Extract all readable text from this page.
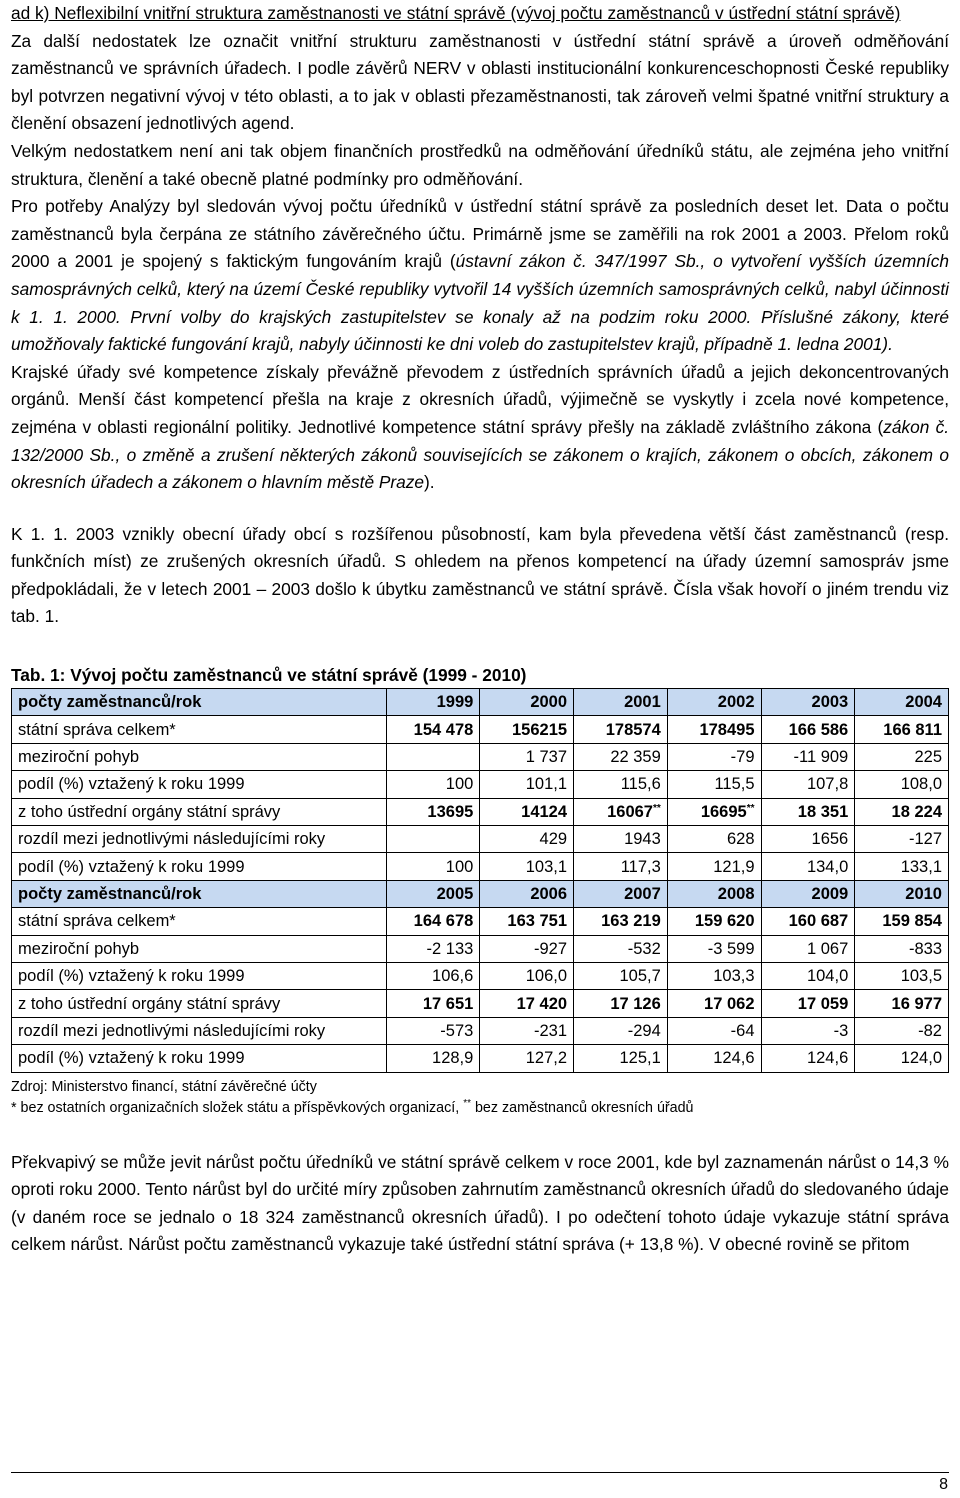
ad k) Neflexibilní vnitřní struktura zaměstnanosti ve státní správě (vývoj počtu zaměstnanců v ústřední státní správě)

Za další nedostatek lze označit vnitřní strukturu zaměstnanosti v ústřední státní správě a úroveň odměňování zaměstnanců ve správních úřadech. I podle závěrů NERV v oblasti institucionální konkurenceschopnosti České republiky byl potvrzen negativní vývoj v této oblasti, a to jak v oblasti přezaměstnanosti, tak zároveň velmi špatné vnitřní struktury a členění obsazení jednotlivých agend.

Velkým nedostatkem není ani tak objem finančních prostředků na odměňování úředníků státu, ale zejména jeho vnitřní struktura, členění a také obecně platné podmínky pro odměňování.

Pro potřeby Analýzy byl sledován vývoj počtu úředníků v ústřední státní správě za posledních deset let. Data o počtu zaměstnanců byla čerpána ze státního závěrečného účtu. Primárně jsme se zaměřili na rok 2001 a 2003. Přelom roků 2000 a 2001 je spojený s faktickým fungováním krajů (ústavní zákon č. 347/1997 Sb., o vytvoření vyšších územních samosprávných celků, který na území České republiky vytvořil 14 vyšších územních samosprávných celků, nabyl účinnosti k 1. 1. 2000. První volby do krajských zastupitelstev se konaly až na podzim roku 2000. Příslušné zákony, které umožňovaly faktické fungování krajů, nabyly účinnosti ke dni voleb do zastupitelstev krajů, případně 1. ledna 2001).

Krajské úřady své kompetence získaly převážně převodem z ústředních správních úřadů a jejich dekoncentrovaných orgánů. Menší část kompetencí přešla na kraje z okresních úřadů, výjimečně se vyskytly i zcela nové kompetence, zejména v oblasti regionální politiky. Jednotlivé kompetence státní správy přešly na základě zvláštního zákona (zákon č. 132/2000 Sb., o změně a zrušení některých zákonů souvisejících se zákonem o krajích, zákonem o obcích, zákonem o okresních úřadech a zákonem o hlavním městě Praze).

K 1. 1. 2003 vznikly obecní úřady obcí s rozšířenou působností, kam byla převedena větší část zaměstnanců (resp. funkčních míst) ze zrušených okresních úřadů. S ohledem na přenos kompetencí na úřady územní samospráv jsme předpokládali, že v letech 2001 – 2003 došlo k úbytku zaměstnanců ve státní správě. Čísla však hovoří o jiném trendu viz tab. 1.

Tab. 1: Vývoj počtu zaměstnanců ve státní správě (1999 - 2010)
počty zaměstnanců/rok	1999	2000	2001	2002	2003	2004
státní správa celkem*	154 478	156215	178574	178495	166 586	166 811
meziroční pohyb		1 737	22 359	-79	-11 909	225
podíl (%) vztažený k roku 1999	100	101,1	115,6	115,5	107,8	108,0
z toho ústřední orgány státní správy	13695	14124	16067**	16695**	18 351	18 224
rozdíl mezi jednotlivými následujícími roky		429	1943	628	1656	-127
podíl (%) vztažený k roku 1999	100	103,1	117,3	121,9	134,0	133,1
počty zaměstnanců/rok	2005	2006	2007	2008	2009	2010
státní správa celkem*	164 678	163 751	163 219	159 620	160 687	159 854
meziroční pohyb	-2 133	-927	-532	-3 599	1 067	-833
podíl (%) vztažený k roku 1999	106,6	106,0	105,7	103,3	104,0	103,5
z toho ústřední orgány státní správy	17 651	17 420	17 126	17 062	17 059	16 977
rozdíl mezi jednotlivými následujícími roky	-573	-231	-294	-64	-3	-82
podíl (%) vztažený k roku 1999	128,9	127,2	125,1	124,6	124,6	124,0
Zdroj: Ministerstvo financí, státní závěrečné účty
* bez ostatních organizačních složek státu a příspěvkových organizací, ** bez zaměstnanců okresních úřadů

Překvapivý se může jevit nárůst počtu úředníků ve státní správě celkem v roce 2001, kde byl zaznamenán nárůst o 14,3 % oproti roku 2000. Tento nárůst byl do určité míry způsoben zahrnutím zaměstnanců okresních úřadů do sledovaného údaje (v daném roce se jednalo o 18 324 zaměstnanců okresních úřadů). I po odečtení tohoto údaje vykazuje státní správa celkem nárůst. Nárůst počtu zaměstnanců vykazuje také ústřední státní správa (+ 13,8 %). V obecné rovině se přitom

8
